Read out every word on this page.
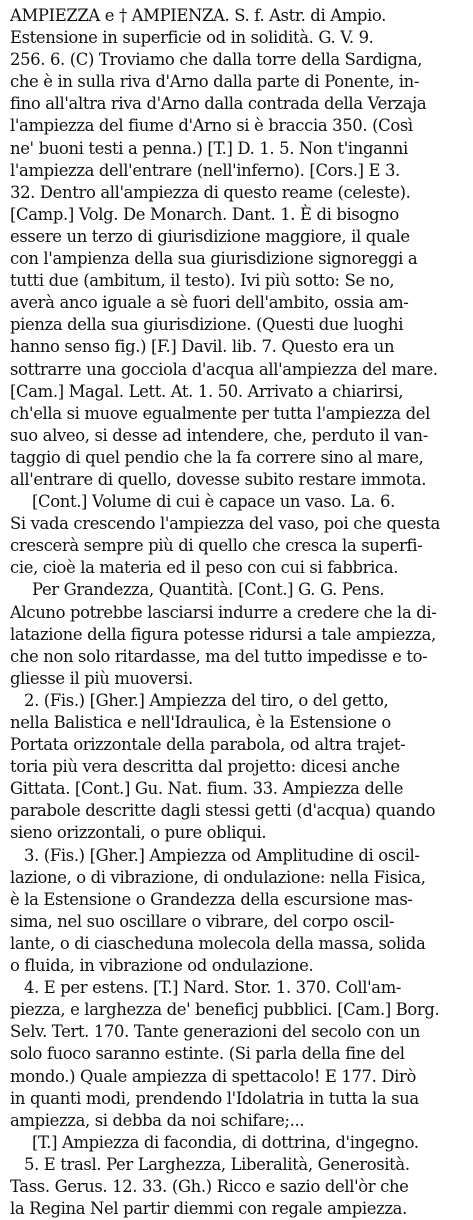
AMPIEZZA e † AMPIENZA. S. f. Astr. di Ampio.
Estensione in superficie od in solidità. G. V. 9.
256. 6. (C) Troviamo che dalla torre della Sardigna,
che è in sulla riva d'Arno dalla parte di Ponente, in-
fino all'altra riva d'Arno dalla contrada della Verzaja
l'ampiezza del fiume d'Arno si è braccia 350. (Così
ne' buoni testi a penna.) [T.] D. 1. 5. Non t'inganni
l'ampiezza dell'entrare (nell'inferno). [Cors.] E 3.
32. Dentro all'ampiezza di questo reame (celeste).
[Camp.] Volg. De Monarch. Dant. 1. È di bisogno
essere un terzo di giurisdizione maggiore, il quale
con l'ampienza della sua giurisdizione signoreggi a
tutti due (ambitum, il testo). Ivi più sotto: Se no,
averà anco iguale a sè fuori dell'ambito, ossia am-
pienza della sua giurisdizione. (Questi due luoghi
hanno senso fig.) [F.] Davil. lib. 7. Questo era un
sottrarre una gocciola d'acqua all'ampiezza del mare.
[Cam.] Magal. Lett. At. 1. 50. Arrivato a chiarirsi,
ch'ella si muove egualmente per tutta l'ampiezza del
suo alveo, si desse ad intendere, che, perduto il van-
taggio di quel pendio che la fa correre sino al mare,
all'entrare di quello, dovesse subito restare immota.
[Cont.] Volume di cui è capace un vaso. La. 6.
Si vada crescendo l'ampiezza del vaso, poi che questa
crescerà sempre più di quello che cresca la superfi-
cie, cioè la materia ed il peso con cui si fabbrica.
Per Grandezza, Quantità. [Cont.] G. G. Pens.
Alcuno potrebbe lasciarsi indurre a credere che la di-
latazione della figura potesse ridursi a tale ampiezza,
che non solo ritardasse, ma del tutto impedisse e to-
gliesse il più muoversi.
2. (Fis.) [Gher.] Ampiezza del tiro, o del getto,
nella Balistica e nell'Idraulica, è la Estensione o
Portata orizzontale della parabola, od altra trajet-
toria più vera descritta dal projetto: dicesi anche
Gittata. [Cont.] Gu. Nat. fium. 33. Ampiezza delle
parabole descritte dagli stessi getti (d'acqua) quando
sieno orizzontali, o pure obliqui.
3. (Fis.) [Gher.] Ampiezza od Amplitudine di oscil-
lazione, o di vibrazione, di ondulazione: nella Fisica,
è la Estensione o Grandezza della escursione mas-
sima, nel suo oscillare o vibrare, del corpo oscil-
lante, o di ciascheduna molecola della massa, solida
o fluida, in vibrazione od ondulazione.
4. E per estens. [T.] Nard. Stor. 1. 370. Coll'am-
piezza, e larghezza de' beneficj pubblici. [Cam.] Borg.
Selv. Tert. 170. Tante generazioni del secolo con un
solo fuoco saranno estinte. (Si parla della fine del
mondo.) Quale ampiezza di spettacolo! E 177. Dirò
in quanti modi, prendendo l'Idolatria in tutta la sua
ampiezza, si debba da noi schifare;...
[T.] Ampiezza di facondia, di dottrina, d'ingegno.
5. E trasl. Per Larghezza, Liberalità, Generosità.
Tass. Gerus. 12. 33. (Gh.) Ricco e sazio dell'òr che
la Regina Nel partir diemmi con regale ampiezza.
